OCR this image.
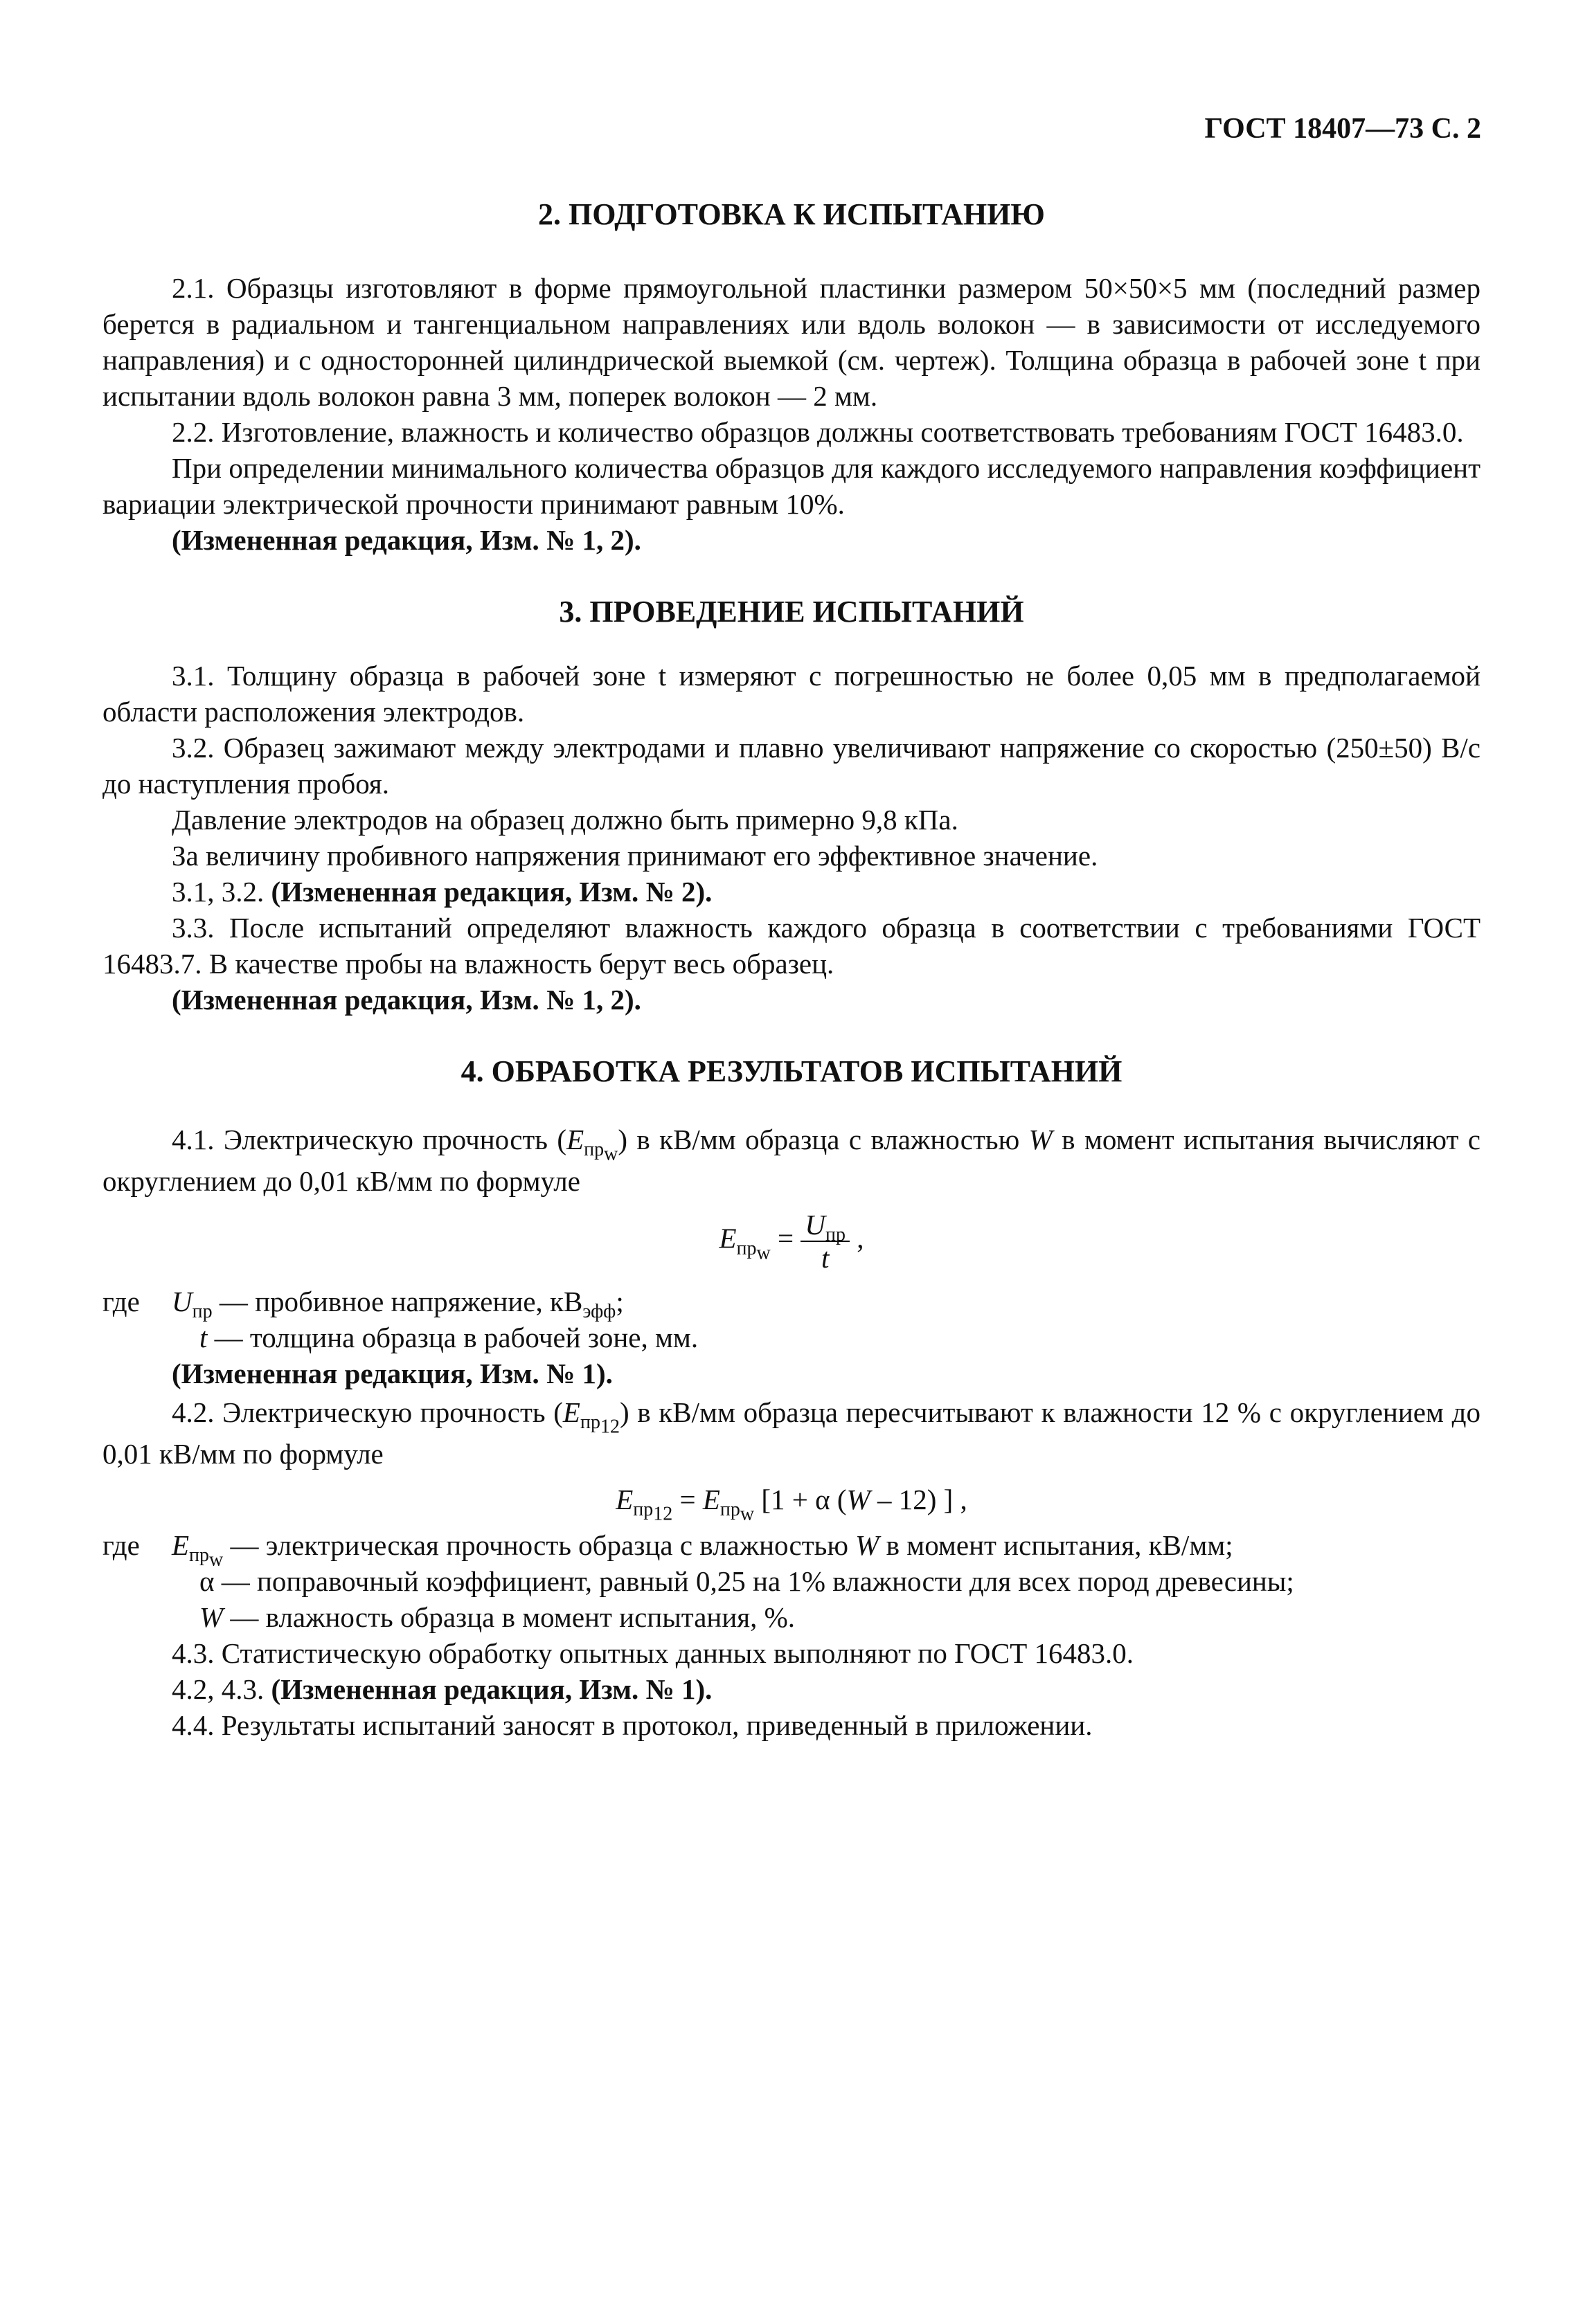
ГОСТ 18407—73 С. 2
2. ПОДГОТОВКА К ИСПЫТАНИЮ

2.1. Образцы изготовляют в форме прямоугольной пластинки размером 50×50×5 мм (последний размер берется в радиальном и тангенциальном направлениях или вдоль волокон — в зависимости от исследуемого направления) и с односторонней цилиндрической выемкой (см. чертеж). Толщина образца в рабочей зоне t при испытании вдоль волокон равна 3 мм, поперек волокон — 2 мм.

2.2. Изготовление, влажность и количество образцов должны соответствовать требованиям ГОСТ 16483.0.

При определении минимального количества образцов для каждого исследуемого направления коэффициент вариации электрической прочности принимают равным 10%.

(Измененная редакция, Изм. № 1, 2).

3. ПРОВЕДЕНИЕ ИСПЫТАНИЙ

3.1. Толщину образца в рабочей зоне t измеряют с погрешностью не более 0,05 мм в предполагаемой области расположения электродов.

3.2. Образец зажимают между электродами и плавно увеличивают напряжение со скоростью (250±50) В/с до наступления пробоя.

Давление электродов на образец должно быть примерно 9,8 кПа.

За величину пробивного напряжения принимают его эффективное значение.

3.1, 3.2. (Измененная редакция, Изм. № 2).

3.3. После испытаний определяют влажность каждого образца в соответствии с требованиями ГОСТ 16483.7. В качестве пробы на влажность берут весь образец.

(Измененная редакция, Изм. № 1, 2).

4. ОБРАБОТКА РЕЗУЛЬТАТОВ ИСПЫТАНИЙ

4.1. Электрическую прочность $(E_{пр_w})$ в кВ/мм образца с влажностью W в момент испытания вычисляют с округлением до 0,01 кВ/мм по формуле

$E_{пр_w} = \frac{U_{пр}}{t}$ ,
где	$U_{пр}$ — пробивное напряжение, $кВ_{эфф}$;

t — толщина образца в рабочей зоне, мм.

(Измененная редакция, Изм. № 1).

4.2. Электрическую прочность $(E_{пр_{12}})$ в кВ/мм образца пересчитывают к влажности 12 % с округлением до 0,01 кВ/мм по формуле

$E_{пр_{12}} = E_{пр_w}$ [1 + α (W – 12) ] ,
где	$E_{пр_w}$ — электрическая прочность образца с влажностью W в момент испытания, кВ/мм;

α — поправочный коэффициент, равный 0,25 на 1% влажности для всех пород древесины;

W — влажность образца в момент испытания, %.

4.3. Статистическую обработку опытных данных выполняют по ГОСТ 16483.0.

4.2, 4.3. (Измененная редакция, Изм. № 1).

4.4. Результаты испытаний заносят в протокол, приведенный в приложении.
